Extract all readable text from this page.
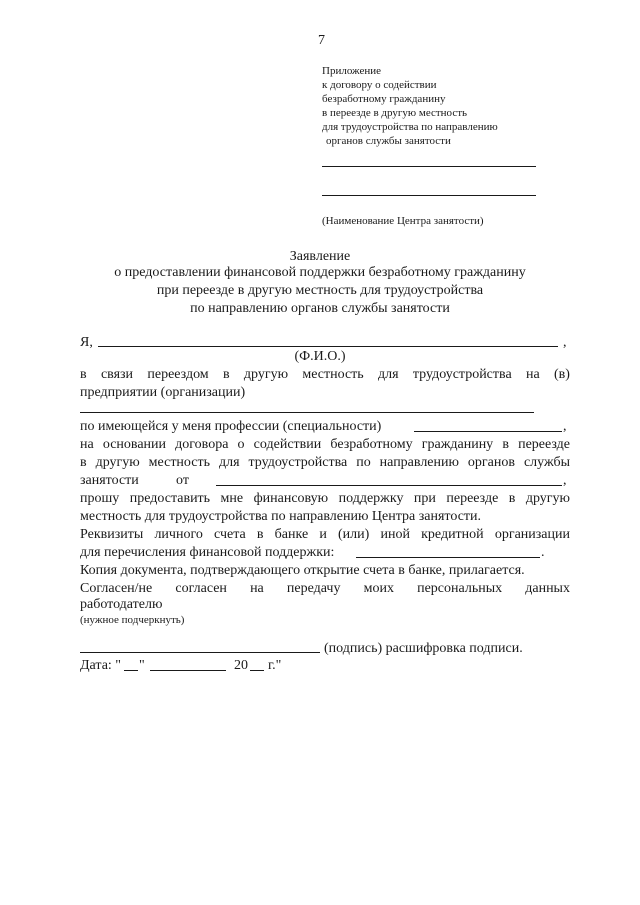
7
Приложение
к договору о содействии
безработному гражданину
в переезде в другую местность
для трудоустройства по направлению
органов службы занятости
(Наименование Центра занятости)
Заявление
о предоставлении финансовой поддержки безработному гражданину
при переезде в другую местность для трудоустройства
по направлению органов службы занятости
Я,	,
(Ф.И.О.)
в связи переездом в другую местность для трудоустройства на (в)
предприятии (организации)
по имеющейся у меня профессии (специальности)	,
на основании договора о содействии безработному гражданину в переезде
в другую местность для трудоустройства по направлению органов службы
занятости	от	,
прошу предоставить мне финансовую поддержку при переезде в другую
местность для трудоустройства по направлению Центра занятости.
Реквизиты личного счета в банке и (или) иной кредитной организации
для перечисления финансовой поддержки:	.
Копия документа, подтверждающего открытие счета в банке, прилагается.
Согласен/не согласен на передачу моих персональных данных
работодателю
(нужное подчеркнуть)
(подпись) расшифровка подписи.
Дата: " "	20 г."
